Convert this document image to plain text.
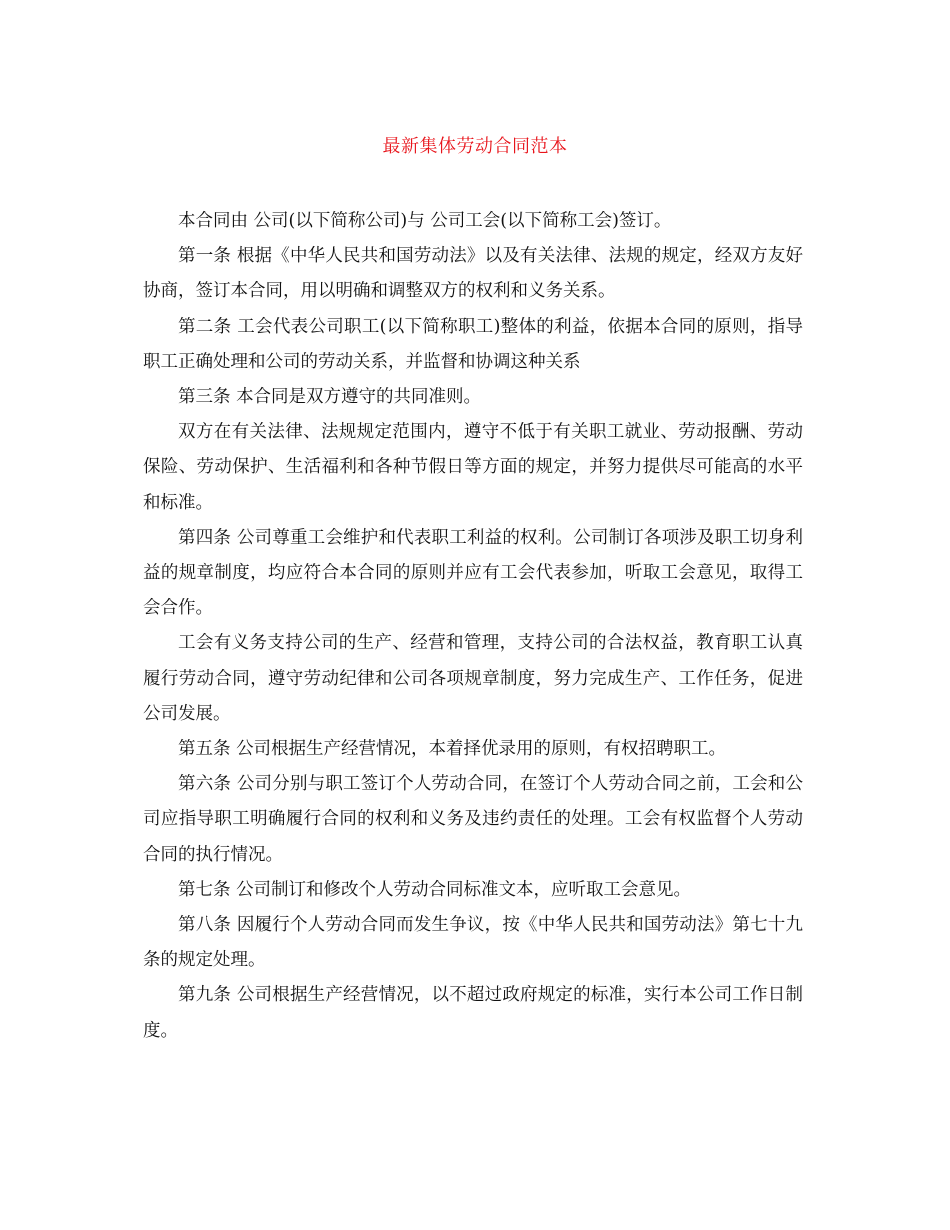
最新集体劳动合同范本

本合同由 公司(以下简称公司)与 公司工会(以下简称工会)签订。

第一条 根据《中华人民共和国劳动法》以及有关法律、法规的规定，经双方友好协商，签订本合同，用以明确和调整双方的权利和义务关系。

第二条 工会代表公司职工(以下简称职工)整体的利益，依据本合同的原则，指导职工正确处理和公司的劳动关系，并监督和协调这种关系

第三条 本合同是双方遵守的共同准则。

双方在有关法律、法规规定范围内，遵守不低于有关职工就业、劳动报酬、劳动保险、劳动保护、生活福利和各种节假日等方面的规定，并努力提供尽可能高的水平和标准。

第四条 公司尊重工会维护和代表职工利益的权利。公司制订各项涉及职工切身利益的规章制度，均应符合本合同的原则并应有工会代表参加，听取工会意见，取得工会合作。

工会有义务支持公司的生产、经营和管理，支持公司的合法权益，教育职工认真履行劳动合同，遵守劳动纪律和公司各项规章制度，努力完成生产、工作任务，促进公司发展。

第五条 公司根据生产经营情况，本着择优录用的原则，有权招聘职工。

第六条 公司分别与职工签订个人劳动合同，在签订个人劳动合同之前，工会和公司应指导职工明确履行合同的权利和义务及违约责任的处理。工会有权监督个人劳动合同的执行情况。

第七条 公司制订和修改个人劳动合同标准文本，应听取工会意见。

第八条 因履行个人劳动合同而发生争议，按《中华人民共和国劳动法》第七十九条的规定处理。

第九条 公司根据生产经营情况，以不超过政府规定的标准，实行本公司工作日制度。
